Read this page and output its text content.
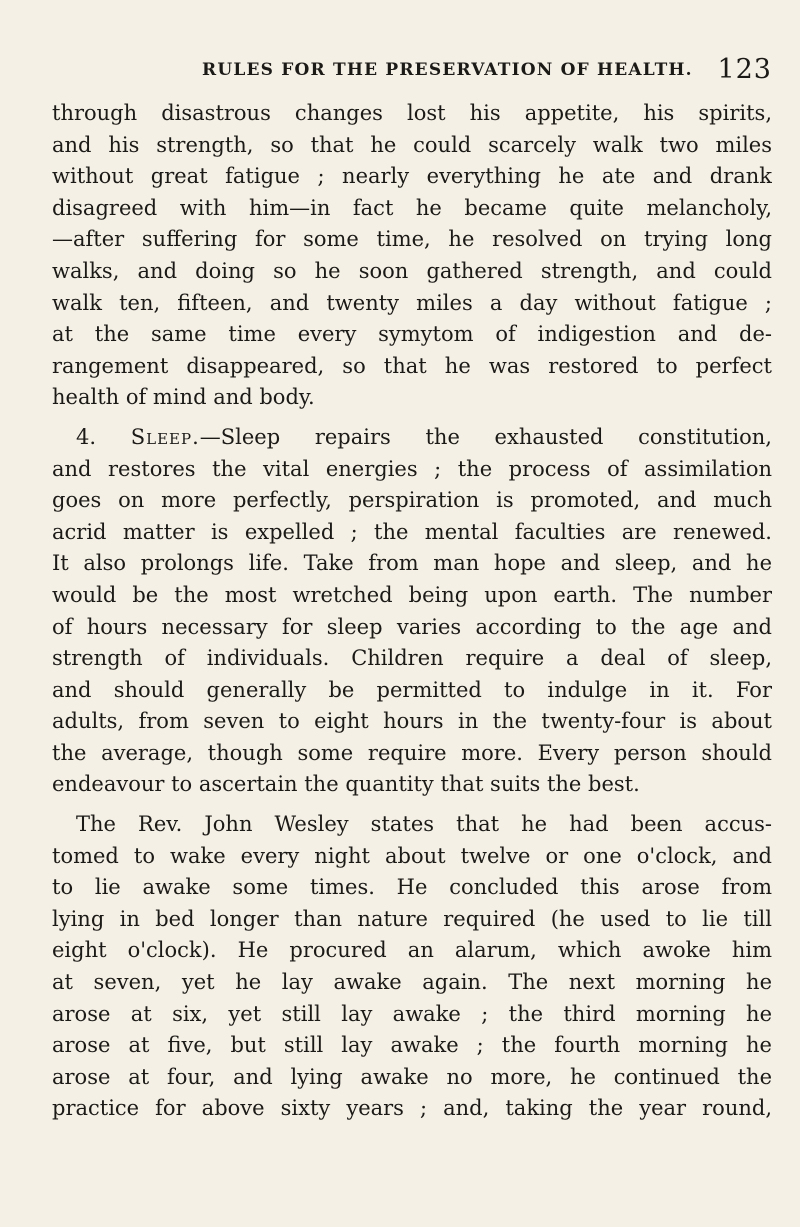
RULES FOR THE PRESERVATION OF HEALTH. 123
through disastrous changes lost his appetite, his spirits,
and his strength, so that he could scarcely walk two miles
without great fatigue ; nearly everything he ate and drank
disagreed with him—in fact he became quite melancholy,
—after suffering for some time, he resolved on trying long
walks, and doing so he soon gathered strength, and could
walk ten, fifteen, and twenty miles a day without fatigue ;
at the same time every symytom of indigestion and de-
rangement disappeared, so that he was restored to perfect
health of mind and body.
4. Sleep.—Sleep repairs the exhausted constitution,
and restores the vital energies ; the process of assimilation
goes on more perfectly, perspiration is promoted, and much
acrid matter is expelled ; the mental faculties are renewed.
It also prolongs life. Take from man hope and sleep, and he
would be the most wretched being upon earth. The number
of hours necessary for sleep varies according to the age and
strength of individuals. Children require a deal of sleep,
and should generally be permitted to indulge in it. For
adults, from seven to eight hours in the twenty-four is about
the average, though some require more. Every person should
endeavour to ascertain the quantity that suits the best.
The Rev. John Wesley states that he had been accus-
tomed to wake every night about twelve or one o'clock, and
to lie awake some times. He concluded this arose from
lying in bed longer than nature required (he used to lie till
eight o'clock). He procured an alarum, which awoke him
at seven, yet he lay awake again. The next morning he
arose at six, yet still lay awake ; the third morning he
arose at five, but still lay awake ; the fourth morning he
arose at four, and lying awake no more, he continued the
practice for above sixty years ; and, taking the year round,
